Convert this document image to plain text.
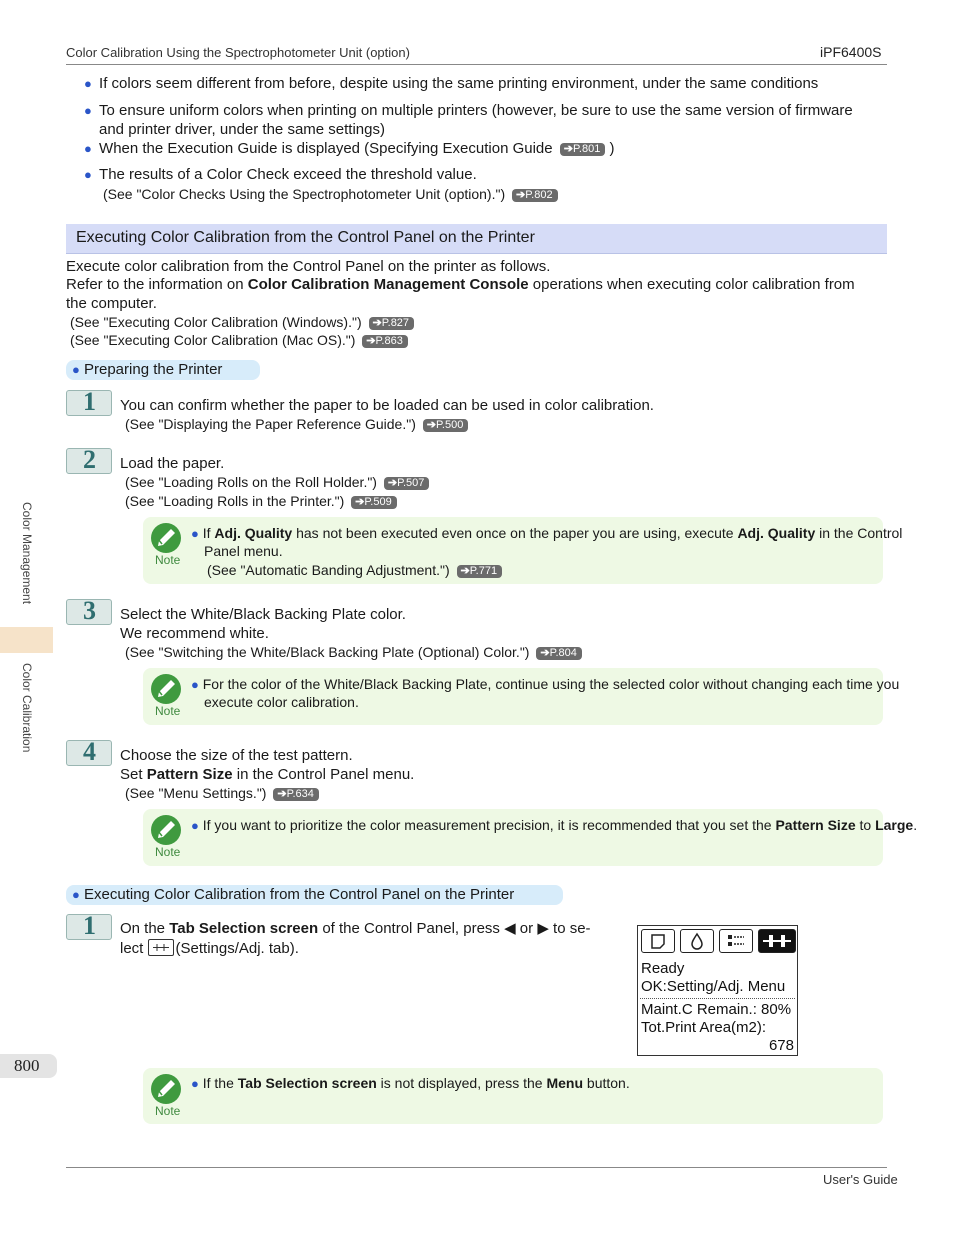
Color Calibration Using the Spectrophotometer Unit (option)	iPF6400S
● If colors seem different from before, despite using the same printing environment, under the same conditions
● To ensure uniform colors when printing on multiple printers (however, be sure to use the same version of firmware
and printer driver, under the same settings)
● When the Execution Guide is displayed (Specifying Execution Guide ➔P.801 )
● The results of a Color Check exceed the threshold value.
(See "Color Checks Using the Spectrophotometer Unit (option).") ➔P.802
Executing Color Calibration from the Control Panel on the Printer
Execute color calibration from the Control Panel on the printer as follows.
Refer to the information on Color Calibration Management Console operations when executing color calibration from
the computer.
(See "Executing Color Calibration (Windows).") ➔P.827
(See "Executing Color Calibration (Mac OS).") ➔P.863
● Preparing the Printer
1 You can confirm whether the paper to be loaded can be used in color calibration.
(See "Displaying the Paper Reference Guide.") ➔P.500
2 Load the paper.
(See "Loading Rolls on the Roll Holder.") ➔P.507
(See "Loading Rolls in the Printer.") ➔P.509
Note
● If Adj. Quality has not been executed even once on the paper you are using, execute Adj. Quality in the Control
Panel menu.
(See "Automatic Banding Adjustment.") ➔P.771
3 Select the White/Black Backing Plate color.
We recommend white.
(See "Switching the White/Black Backing Plate (Optional) Color.") ➔P.804
Note
● For the color of the White/Black Backing Plate, continue using the selected color without changing each time you
execute color calibration.
4 Choose the size of the test pattern.
Set Pattern Size in the Control Panel menu.
(See "Menu Settings.") ➔P.634
Note
● If you want to prioritize the color measurement precision, it is recommended that you set the Pattern Size to Large.
● Executing Color Calibration from the Control Panel on the Printer
1 On the Tab Selection screen of the Control Panel, press ◀ or ▶ to se-
lect
(Settings/Adj. tab).
Ready
OK:Setting/Adj. Menu
Maint.C Remain.: 80%
Tot.Print Area(m2):
678
Note
● If the Tab Selection screen is not displayed, press the Menu button.
Color Management
Color Calibration
800
User's Guide
